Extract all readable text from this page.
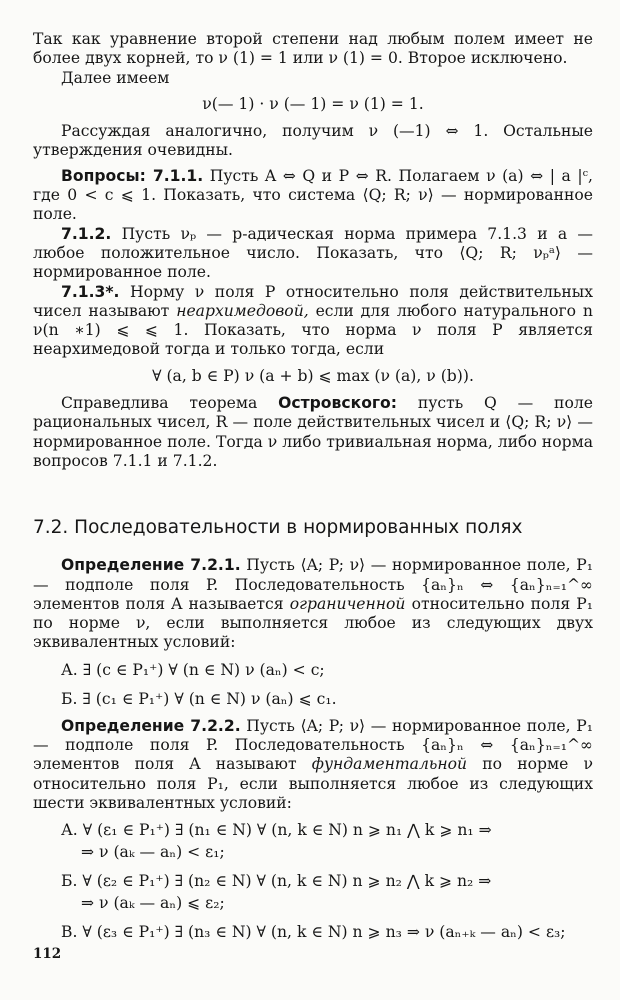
Так как уравнение второй степени над любым полем имеет не более двух корней, то ν (1) = 1 или ν (1) = 0. Второе исключено.

Далее имеем

ν(— 1) · ν (— 1) = ν (1) = 1.

Рассуждая аналогично, получим ν (—1) ⇔ 1. Остальные утверждения очевидны.

Вопросы: 7.1.1. Пусть A ⇔ Q и P ⇔ R. Полагаем ν (a) ⇔ | a |ᶜ, где 0 < c ⩽ 1. Показать, что система ⟨Q; R; ν⟩ — нормированное поле.

7.1.2. Пусть νₚ — p-адическая норма примера 7.1.3 и a — любое положительное число. Показать, что ⟨Q; R; νₚᵃ⟩ — нормированное поле.

7.1.3*. Норму ν поля P относительно поля действительных чисел называют неархимедовой, если для любого натурального n ν(n ∗1) ⩽ ⩽ 1. Показать, что норма ν поля P является неархимедовой тогда и только тогда, если

∀ (a, b ∈ P) ν (a + b) ⩽ max (ν (a), ν (b)).

Справедлива теорема Островского: пусть Q — поле рациональных чисел, R — поле действительных чисел и ⟨Q; R; ν⟩ — нормированное поле. Тогда ν либо тривиальная норма, либо норма вопросов 7.1.1 и 7.1.2.

7.2. Последовательности в нормированных полях

Определение 7.2.1. Пусть ⟨A; P; ν⟩ — нормированное поле, P₁ — подполе поля P. Последовательность {aₙ}ₙ ⇔ {aₙ}ₙ₌₁^∞ элементов поля A называется ограниченной относительно поля P₁ по норме ν, если выполняется любое из следующих двух эквивалентных условий:

А. ∃ (c ∈ P₁⁺) ∀ (n ∈ N) ν (aₙ) < c;
Б. ∃ (c₁ ∈ P₁⁺) ∀ (n ∈ N) ν (aₙ) ⩽ c₁.

Определение 7.2.2. Пусть ⟨A; P; ν⟩ — нормированное поле, P₁ — подполе поля P. Последовательность {aₙ}ₙ ⇔ {aₙ}ₙ₌₁^∞ элементов поля A называют фундаментальной по норме ν относительно поля P₁, если выполняется любое из следующих шести эквивалентных условий:

А. ∀ (ε₁ ∈ P₁⁺) ∃ (n₁ ∈ N) ∀ (n, k ∈ N) n ⩾ n₁ ⋀ k ⩾ n₁ ⇒
⇒ ν (aₖ — aₙ) < ε₁;
Б. ∀ (ε₂ ∈ P₁⁺) ∃ (n₂ ∈ N) ∀ (n, k ∈ N) n ⩾ n₂ ⋀ k ⩾ n₂ ⇒
⇒ ν (aₖ — aₙ) ⩽ ε₂;
В. ∀ (ε₃ ∈ P₁⁺) ∃ (n₃ ∈ N) ∀ (n, k ∈ N) n ⩾ n₃ ⇒ ν (aₙ₊ₖ — aₙ) < ε₃;
112
